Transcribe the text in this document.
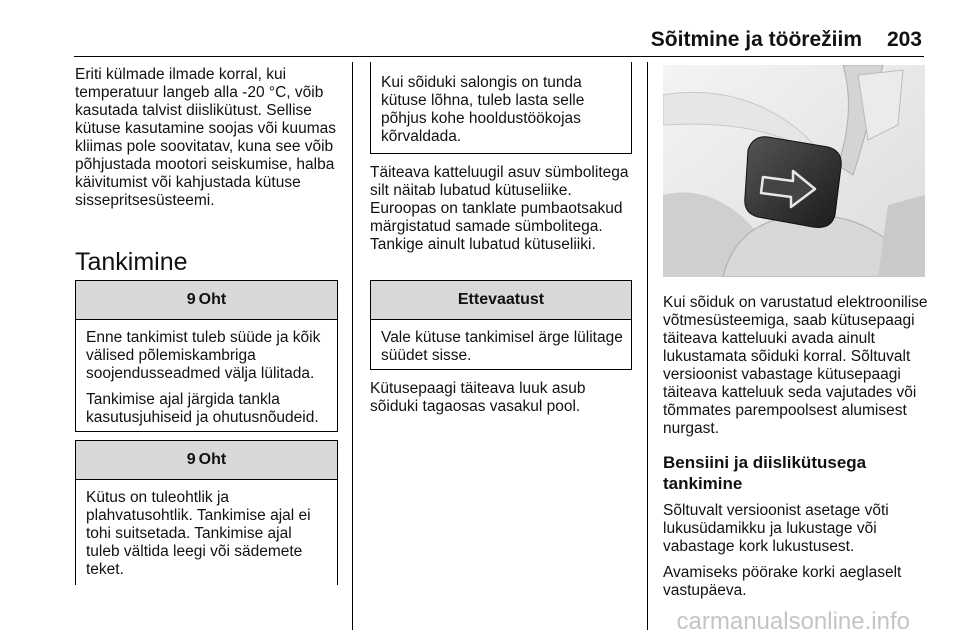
Sõitmine ja töörežiim 203

Eriti külmade ilmade korral, kui temperatuur langeb alla -20 °C, võib kasutada talvist diislikütust. Sellise kütuse kasutamine soojas või kuumas kliimas pole soovitatav, kuna see võib põhjustada mootori seiskumise, halba käivitumist või kahjustada kütuse sissepritsesüsteemi.

Tankimine
9 Oht

Enne tankimist tuleb süüde ja kõik välised põlemiskambriga soojendusseadmed välja lülitada.

Tankimise ajal järgida tankla kasutusjuhiseid ja ohutusnõudeid.

9 Oht

Kütus on tuleohtlik ja plahvatusohtlik. Tankimise ajal ei tohi suitsetada. Tankimise ajal tuleb vältida leegi või sädemete teket.

Kui sõiduki salongis on tunda kütuse lõhna, tuleb lasta selle põhjus kohe hooldustöökojas kõrvaldada.

Täiteava katteluugil asuv sümbolitega silt näitab lubatud kütuseliike. Euroopas on tanklate pumbaotsakud märgistatud samade sümbolitega. Tankige ainult lubatud kütuseliiki.

Ettevaatust

Vale kütuse tankimisel ärge lülitage süüdet sisse.

Kütusepaagi täiteava luuk asub sõiduki tagaosas vasakul pool.

Kui sõiduk on varustatud elektroonilise võtmesüsteemiga, saab kütusepaagi täiteava katteluuki avada ainult lukustamata sõiduki korral. Sõltuvalt versioonist vabastage kütusepaagi täiteava katteluuk seda vajutades või tõmmates parempoolsest alumisest nurgast.

Bensiini ja diislikütusega tankimine

Sõltuvalt versioonist asetage võti lukusüdamikku ja lukustage või vabastage kork lukustusest.

Avamiseks pöörake korki aeglaselt vastupäeva.

carmanualsonline.info
